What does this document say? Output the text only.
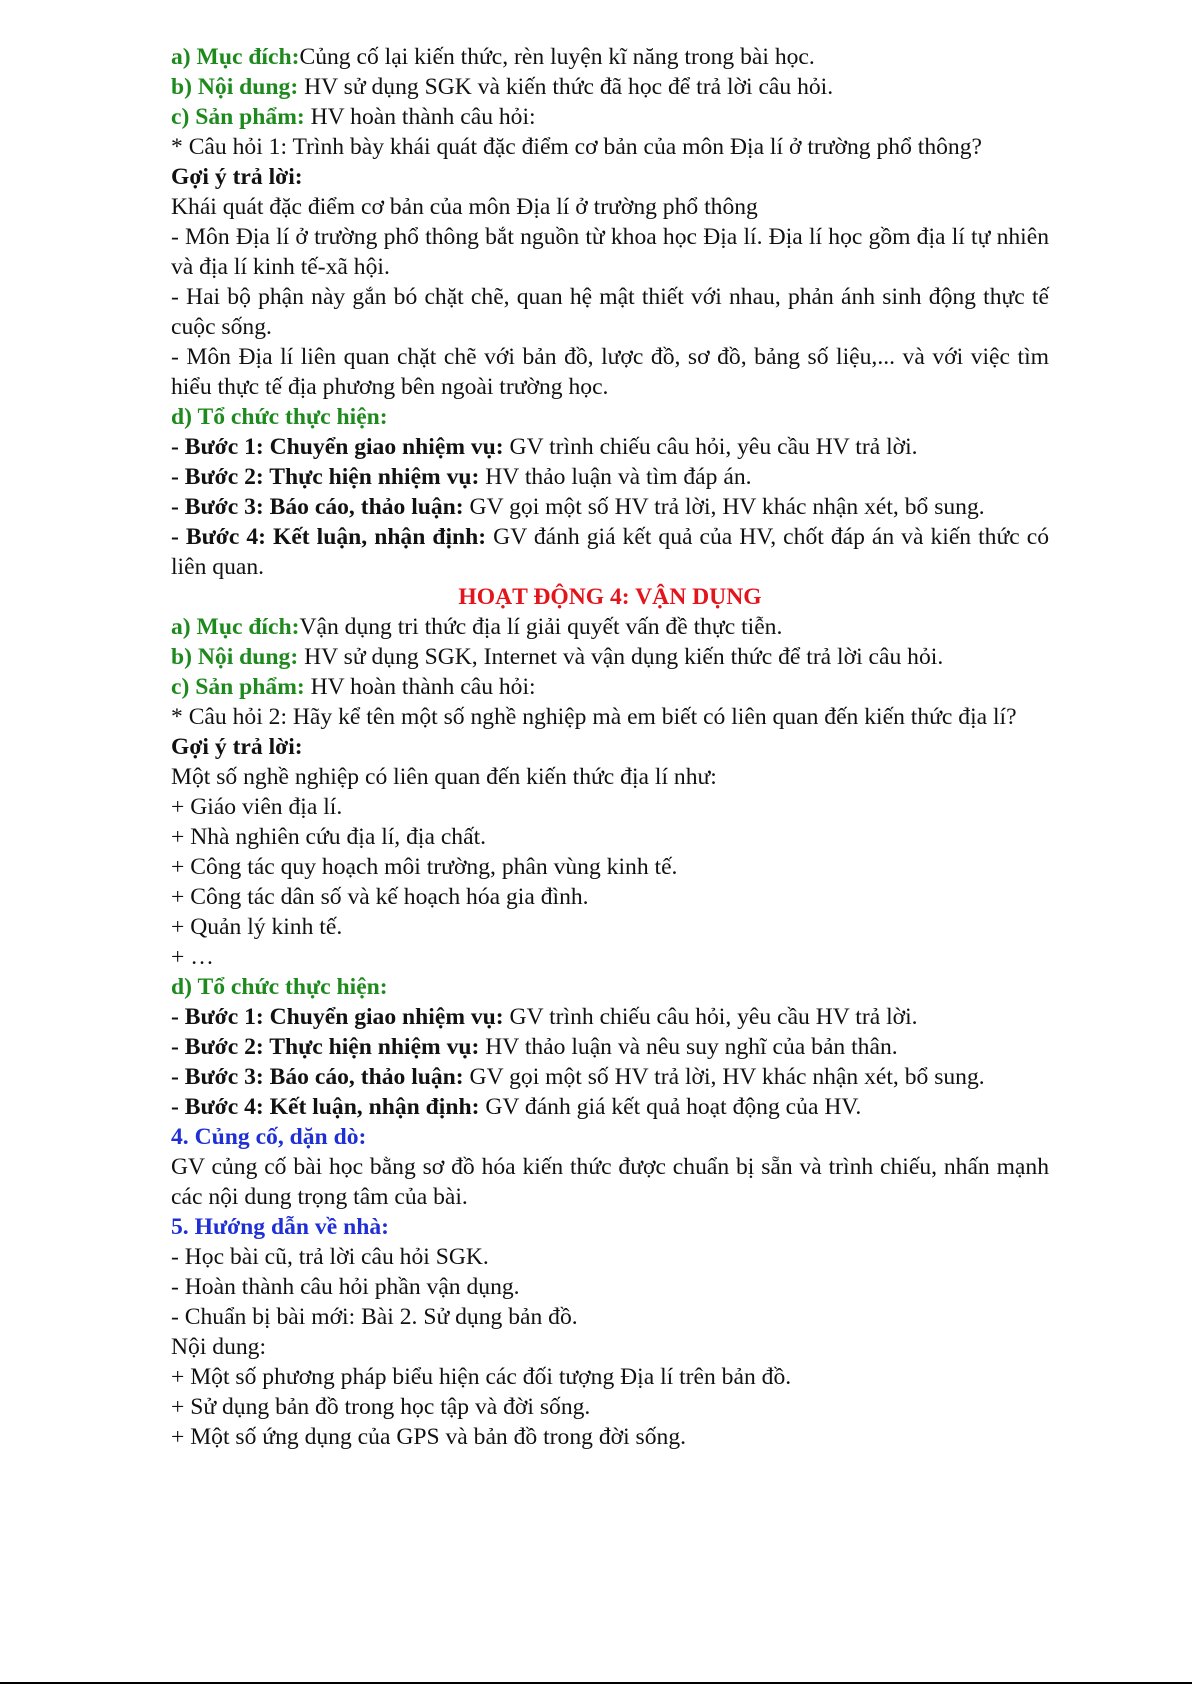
a) Mục đích:Củng cố lại kiến thức, rèn luyện kĩ năng trong bài học.

b) Nội dung: HV sử dụng SGK và kiến thức đã học để trả lời câu hỏi.

c) Sản phẩm: HV hoàn thành câu hỏi:

* Câu hỏi 1: Trình bày khái quát đặc điểm cơ bản của môn Địa lí ở trường phổ thông?

Gợi ý trả lời:

Khái quát đặc điểm cơ bản của môn Địa lí ở trường phổ thông

- Môn Địa lí ở trường phổ thông bắt nguồn từ khoa học Địa lí. Địa lí học gồm địa lí tự nhiên và địa lí kinh tế-xã hội.

- Hai bộ phận này gắn bó chặt chẽ, quan hệ mật thiết với nhau, phản ánh sinh động thực tế cuộc sống.

- Môn Địa lí liên quan chặt chẽ với bản đồ, lược đồ, sơ đồ, bảng số liệu,... và với việc tìm hiểu thực tế địa phương bên ngoài trường học.

d) Tổ chức thực hiện:

- Bước 1: Chuyển giao nhiệm vụ: GV trình chiếu câu hỏi, yêu cầu HV trả lời.

- Bước 2: Thực hiện nhiệm vụ: HV thảo luận và tìm đáp án.

- Bước 3: Báo cáo, thảo luận: GV gọi một số HV trả lời, HV khác nhận xét, bổ sung.

- Bước 4: Kết luận, nhận định: GV đánh giá kết quả của HV, chốt đáp án và kiến thức có liên quan.

HOẠT ĐỘNG 4: VẬN DỤNG

a) Mục đích:Vận dụng tri thức địa lí giải quyết vấn đề thực tiễn.

b) Nội dung: HV sử dụng SGK, Internet và vận dụng kiến thức để trả lời câu hỏi.

c) Sản phẩm: HV hoàn thành câu hỏi:

* Câu hỏi 2: Hãy kể tên một số nghề nghiệp mà em biết có liên quan đến kiến thức địa lí?

Gợi ý trả lời:

Một số nghề nghiệp có liên quan đến kiến thức địa lí như:

+ Giáo viên địa lí.

+ Nhà nghiên cứu địa lí, địa chất.

+ Công tác quy hoạch môi trường, phân vùng kinh tế.

+ Công tác dân số và kế hoạch hóa gia đình.

+ Quản lý kinh tế.

+ …

d) Tổ chức thực hiện:

- Bước 1: Chuyển giao nhiệm vụ: GV trình chiếu câu hỏi, yêu cầu HV trả lời.

- Bước 2: Thực hiện nhiệm vụ: HV thảo luận và nêu suy nghĩ của bản thân.

- Bước 3: Báo cáo, thảo luận: GV gọi một số HV trả lời, HV khác nhận xét, bổ sung.

- Bước 4: Kết luận, nhận định: GV đánh giá kết quả hoạt động của HV.

4. Củng cố, dặn dò:

GV củng cố bài học bằng sơ đồ hóa kiến thức được chuẩn bị sẵn và trình chiếu, nhấn mạnh các nội dung trọng tâm của bài.

5. Hướng dẫn về nhà:

- Học bài cũ, trả lời câu hỏi SGK.

- Hoàn thành câu hỏi phần vận dụng.

- Chuẩn bị bài mới: Bài 2. Sử dụng bản đồ.

Nội dung:

+ Một số phương pháp biểu hiện các đối tượng Địa lí trên bản đồ.

+ Sử dụng bản đồ trong học tập và đời sống.

+ Một số ứng dụng của GPS và bản đồ trong đời sống.
